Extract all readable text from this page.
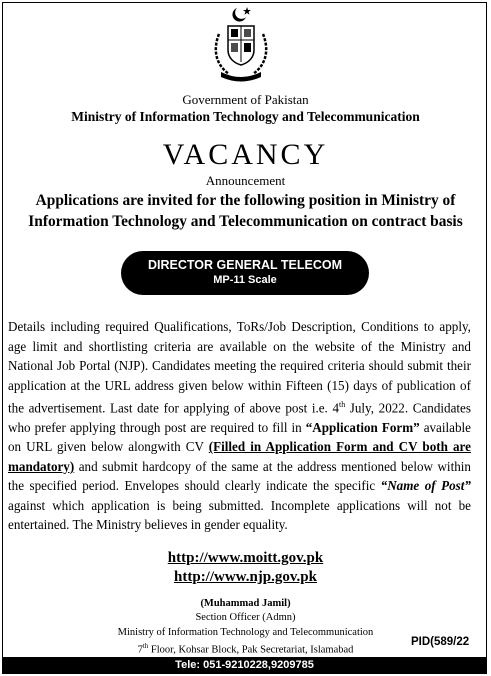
Government of Pakistan
Ministry of Information Technology and Telecommunication
VACANCY
Announcement
Applications are invited for the following position in Ministry of Information Technology and Telecommunication on contract basis
DIRECTOR GENERAL TELECOM
MP-11 Scale
Details including required Qualifications, ToRs/Job Description, Conditions to apply, age limit and shortlisting criteria are available on the website of the Ministry and National Job Portal (NJP). Candidates meeting the required criteria should submit their application at the URL address given below within Fifteen (15) days of publication of the advertisement. Last date for applying of above post i.e. 4th July, 2022. Candidates who prefer applying through post are required to fill in “Application Form” available on URL given below alongwith CV (Filled in Application Form and CV both are mandatory) and submit hardcopy of the same at the address mentioned below within the specified period. Envelopes should clearly indicate the specific “Name of Post” against which application is being submitted. Incomplete applications will not be entertained. The Ministry believes in gender equality.
http://www.moitt.gov.pk
http://www.njp.gov.pk
(Muhammad Jamil)
Section Officer (Admn)
Ministry of Information Technology and Telecommunication
7th Floor, Kohsar Block, Pak Secretariat, Islamabad
PID(589/22
Tele: 051-9210228,9209785
